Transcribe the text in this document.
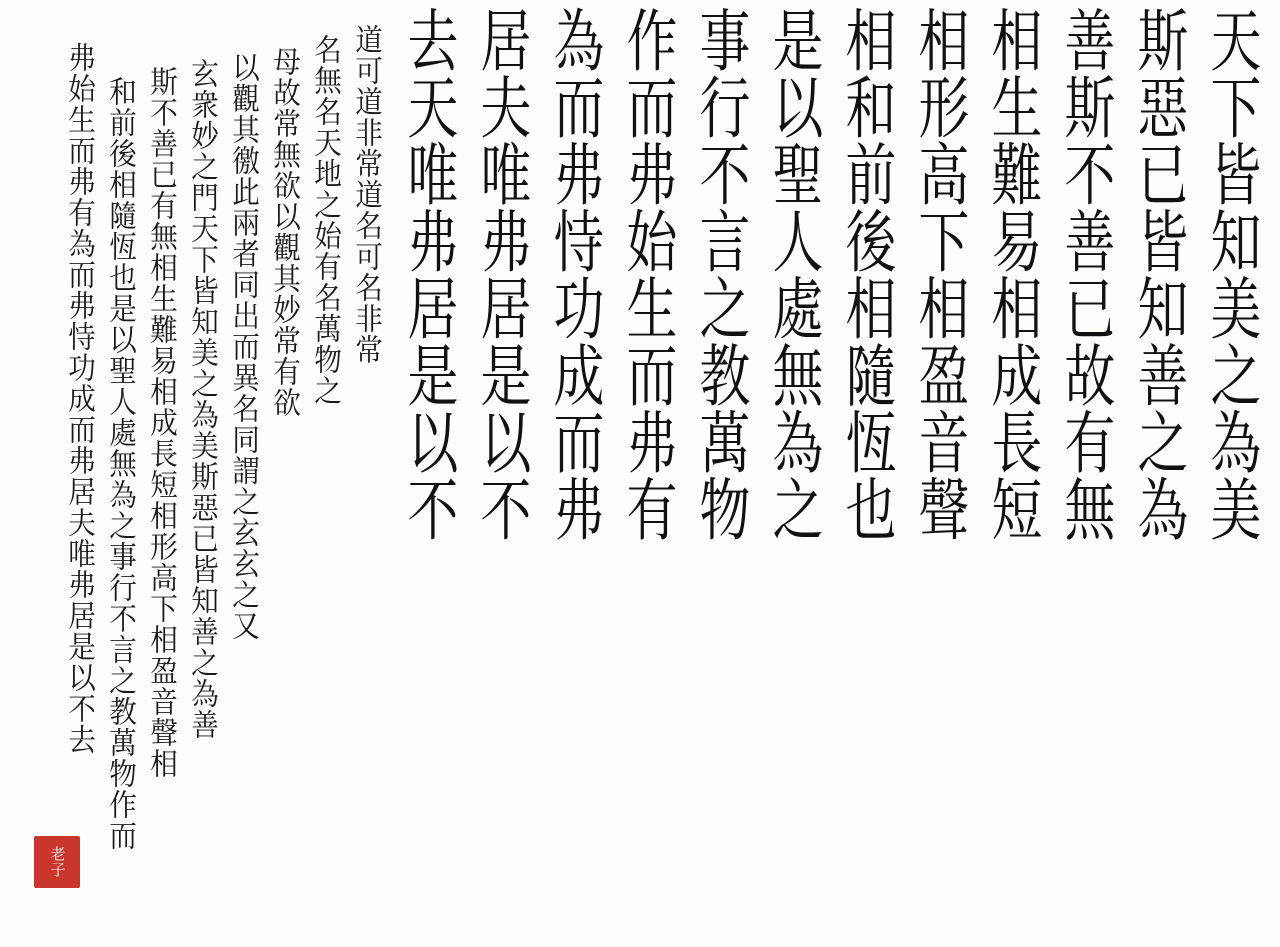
天
下
皆
知
美
之
為
美
斯
惡
已
皆
知
善
之
為
善
斯
不
善
已
故
有
無
相
生
難
易
相
成
長
短
相
形
高
下
相
盈
音
聲
相
和
前
後
相
隨
恆
也
是
以
聖
人
處
無
為
之
事
行
不
言
之
教
萬
物
作
而
弗
始
生
而
弗
有
為
而
弗
恃
功
成
而
弗
居
夫
唯
弗
居
是
以
不
去
天
唯
弗
居
是
以
不
道可道非常道名可名非常
名無名天地之始有名萬物之
母故常無欲以觀其妙常有欲
以觀其徼此兩者同出而異名同謂之玄玄之又
玄衆妙之門天下皆知美之為美斯惡已皆知善之為善
斯不善已有無相生難易相成長短相形高下相盈音聲相
和前後相隨恆也是以聖人處無為之事行不言之教萬物作而
弗始生而弗有為而弗恃功成而弗居夫唯弗居是以不去
老子
